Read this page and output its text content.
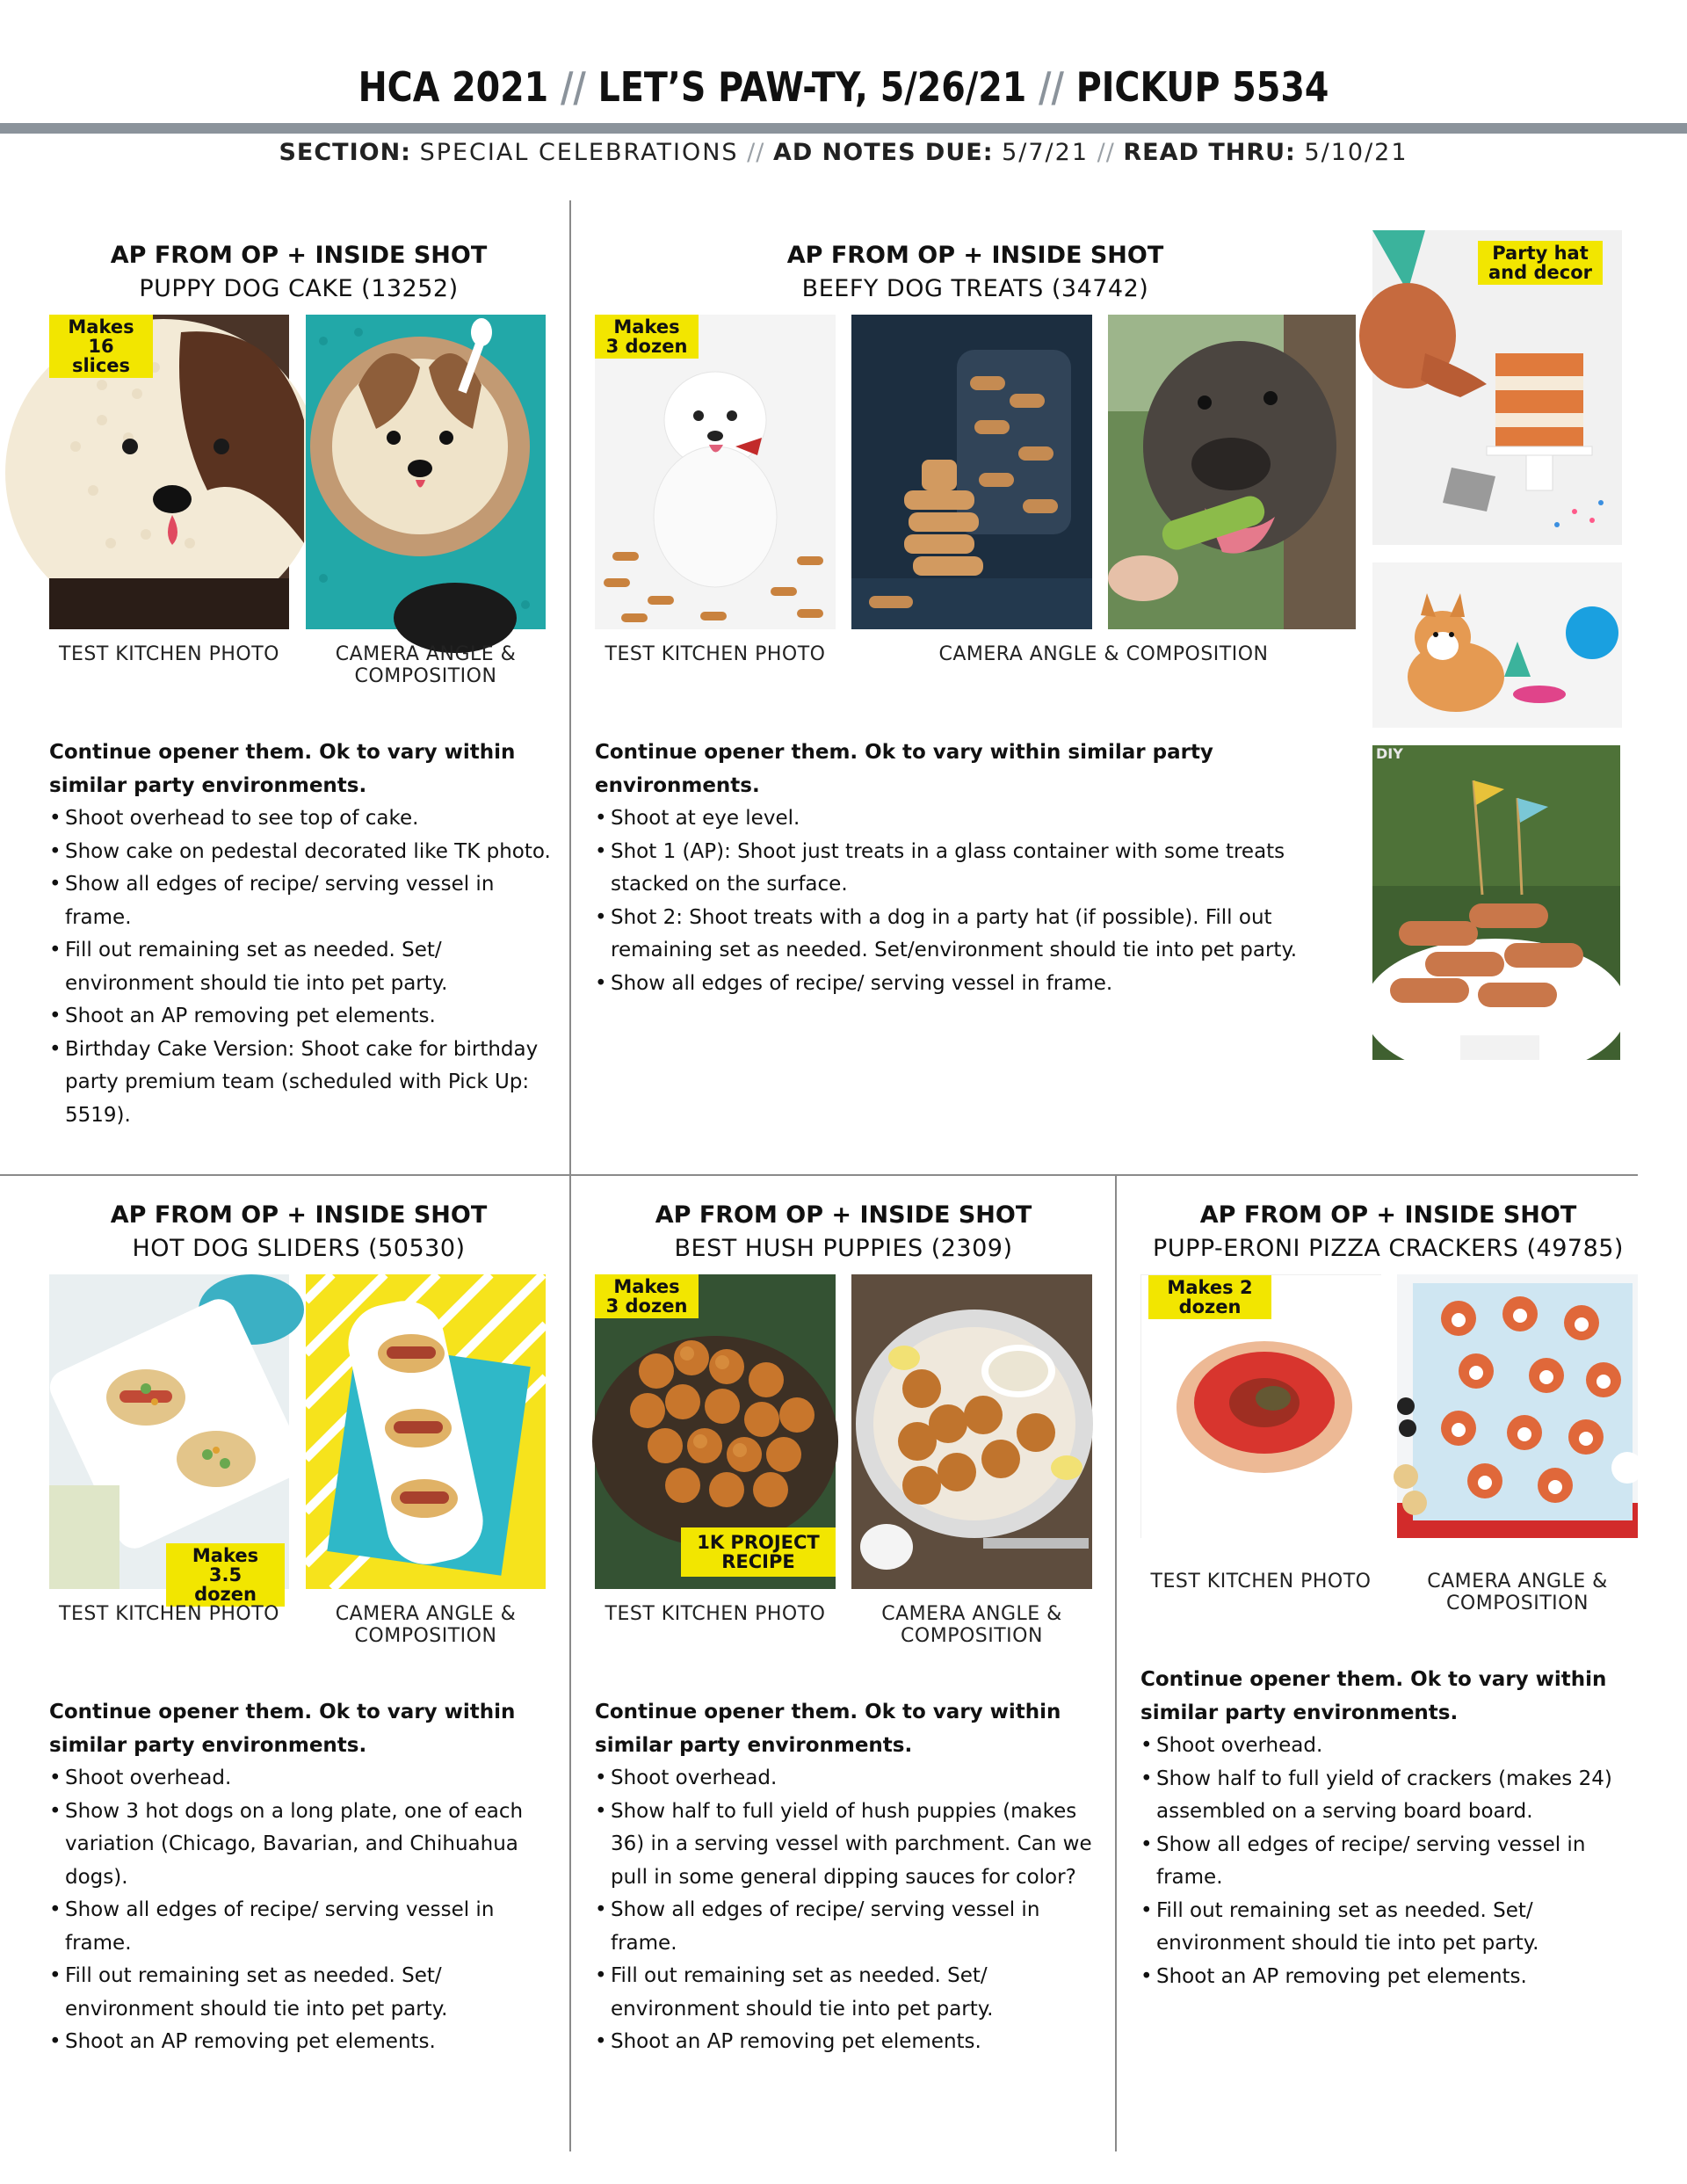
HCA 2021 // LET’S PAW-TY, 5/26/21 // PICKUP 5534
SECTION: SPECIAL CELEBRATIONS // AD NOTES DUE: 5/7/21 // READ THRU: 5/10/21
AP FROM OP + INSIDE SHOT
PUPPY DOG CAKE (13252)
Makes 16 slices
TEST KITCHEN PHOTO	CAMERA ANGLE & COMPOSITION
Continue opener them. Ok to vary within similar party environments.
• Shoot overhead to see top of cake.
• Show cake on pedestal decorated like TK photo.
• Show all edges of recipe/ serving vessel in frame.
• Fill out remaining set as needed. Set/ environment should tie into pet party.
• Shoot an AP removing pet elements.
• Birthday Cake Version: Shoot cake for birthday party premium team (scheduled with Pick Up: 5519).
AP FROM OP + INSIDE SHOT
BEEFY DOG TREATS (34742)
Makes 3 dozen
TEST KITCHEN PHOTO	CAMERA ANGLE & COMPOSITION
Continue opener them. Ok to vary within similar party environments.
• Shoot at eye level.
• Shot 1 (AP): Shoot just treats in a glass container with some treats stacked on the surface.
• Shot 2: Shoot treats with a dog in a party hat (if possible). Fill out remaining set as needed. Set/environment should tie into pet party.
• Show all edges of recipe/ serving vessel in frame.
Party hat and decor
DIY
AP FROM OP + INSIDE SHOT
HOT DOG SLIDERS (50530)
Makes 3.5 dozen
TEST KITCHEN PHOTO	CAMERA ANGLE & COMPOSITION
Continue opener them. Ok to vary within similar party environments.
• Shoot overhead.
• Show 3 hot dogs on a long plate, one of each variation (Chicago, Bavarian, and Chihuahua dogs).
• Show all edges of recipe/ serving vessel in frame.
• Fill out remaining set as needed. Set/ environment should tie into pet party.
• Shoot an AP removing pet elements.
AP FROM OP + INSIDE SHOT
BEST HUSH PUPPIES (2309)
Makes 3 dozen
1K PROJECT RECIPE
TEST KITCHEN PHOTO	CAMERA ANGLE & COMPOSITION
Continue opener them. Ok to vary within similar party environments.
• Shoot overhead.
• Show half to full yield of hush puppies (makes 36) in a serving vessel with parchment. Can we pull in some general dipping sauces for color?
• Show all edges of recipe/ serving vessel in frame.
• Fill out remaining set as needed. Set/ environment should tie into pet party.
• Shoot an AP removing pet elements.
AP FROM OP + INSIDE SHOT
PUPP-ERONI PIZZA CRACKERS (49785)
Makes 2 dozen
TEST KITCHEN PHOTO	CAMERA ANGLE & COMPOSITION
Continue opener them. Ok to vary within similar party environments.
• Shoot overhead.
• Show half to full yield of crackers (makes 24) assembled on a serving board board.
• Show all edges of recipe/ serving vessel in frame.
• Fill out remaining set as needed. Set/ environment should tie into pet party.
• Shoot an AP removing pet elements.
